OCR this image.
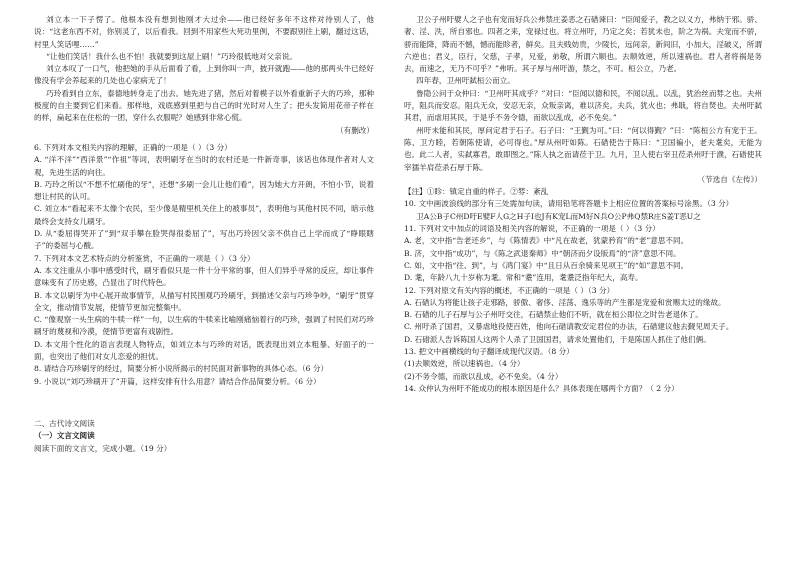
刘立本一下子愣了。他根本没有想到他刚才大过余——他已经好多年不这样对待别人了，他说：“这老东西不对，你别灵了，以后看我。回到不用家些大死功里例，不要跟别往上刷，翻过这话，村里人笑话哩……”

“让他们笑话！我什么也不怕！我就要到这屋上刷！”巧玲很低地对父亲说。

刘立本叹了一口气，他把她的手从后面看了看，上到你叫一声，披开就跑——他的那两头牛已经好像没有学会养起来的几处也心家病无了！

巧玲看到自立东，泰德地转身走了出去。她先进了猪，然后对着模子以外看重新子大的巧珍，那种极度的自主要到它们来看。那样地，戏底感到里把与自己的时光时对人生了；把头发简用花帝子样在的样，扁起来在住松的一团，穿什么衣服呢？她感到非常心慌。

（有删改）

6. 下列对本文相关内容的理解，正确的一项是（ ）（3 分）

A. “洋不洋”“西洋景”“作祖”等词，表明刷牙在当时的农村还是一件新奇事，该话也体现作者对人文观，先进生活的向往。

B. 巧玲之所以“不想不忙刷他的牙”，还想“多刷一会儿让他们看”，因为她大方开朗，不怕小节，说着想让村民的认可。

C. 刘立本“看起来不太像个农民，至少像是精里机关住上的被事员”，表明他与其他村民不同，暗示他最终会支持女儿刷牙。

D. 从“委屈得哭开了”到“双手攀在脸哭得很委屈了”，写出巧玲因父亲不供自己上学而成了“睁眼瞎子”的委屈与心酸。

7. 下列对本文艺术特点的分析鉴赏，不正确的一项是（ ）（3 分）

A. 本文注重从小事中感受时代，刷牙看似只是一件十分平常的事，但人们异乎寻常的反应，却让事件意味变有了历史感，凸显出了时代特色。

B. 本文以刷牙为中心展开故事情节，从描写村民围观巧玲刷牙，到描述父亲与巧珍争吵，“刷牙”贯穿全文，推动情节发展，使情节更加完整集中。

C. “像观察一头生病的牛犊一样”一句，以生病的牛犊来比喻刚痛恼着行的巧珍，强调了村民们对巧珍刷牙的蔑视和冷漠，使情节更富有戏剧性。

D. 本文用个性化的语言表现人物特点，如刘立本与巧珍的对话，既表现出刘立本粗暴、好面子的一面，也突出了他们对女儿恋爱的担忧。

8. 请结合巧珍刷牙的经过，简要分析小说所揭示的村民面对新事物的具体心态。（6 分）

9. 小说以“刘巧珍刷开了”开篇，这样安排有什么用意？请结合作品简要分析。（6 分）

二、古代诗文阅读

（一）文言文阅读

阅读下面的文言文，完成小题。（19 分）

卫公子州吁嬖人之子也有宠而好兵公弗禁庄姜恶之石碏谏曰：“臣闻爱子，教之以义方，弗纳于邪。骄、奢、淫、泆，所自邪也。四者之来，宠禄过也。将立州吁，乃定之矣；若犹未也，阶之为祸。夫宠而不骄，骄而能降，降而不憾，憾而能眕者，鲜矣。且夫贱妨贵，少陵长，远间亲，新间旧，小加大，淫破义，所谓六逆也；君义，臣行，父慈，子孝，兄爱，弟敬，所谓六顺也。去顺效逆，所以速祸也。君人者将祸是务去，而速之，无乃不可乎？”弗听。其子厚与州吁游，禁之，不可。桓公立，乃老。

四年春，卫州吁弑桓公而立。

鲁隐公问于众仲曰：“卫州吁其成乎？”对曰：“臣闻以德和民，不闻以乱。以乱，犹治丝而棼之也。夫州吁，阻兵而安忍。阻兵无众，安忍无亲，众叛亲离，难以济矣。夫兵，犹火也；弗戢，将自焚也。夫州吁弑其君，而虐用其民，于是乎不务令德，而欲以乱成，必不免矣。”

州吁未能和其民，厚问定君于石子。石子曰：“王觐为可。”曰：“何以得觐？”曰：“陈桓公方有宠于王。陈、卫方睦，若朝陈使请，必可得也。”厚从州吁如陈。石碏使告于陈曰：“卫国褊小，老夫耄矣，无能为也。此二人者，实弑寡君，敢即图之。”陈人执之而请莅于卫。九月，卫人使右宰丑莅杀州吁于濮，石碏使其宰獳羊肩莅杀石厚于陈。

（节选自《左传》）

【注】①眕：镇定自重的样子。②棼：紊乱

10. 文中画波浪线的部分有三处需加句读，请用铅笔将答题卡上相应位置的答案标号涂黑。（3 分）

卫A公B子C州D吁E嬖F人G之H子I也J有K宠L而M好N兵O公P弗Q禁R庄S姜T恶U之

11. 下列对文中加点的词语及相关内容的解说，不正确的一项是（ ）（3 分）

A. 老，文中指“告老还乡”，与《陈情表》中“凡在故老，犹蒙矜育”的“老”意思不同。

B. 济，文中指“成功”，与《陈之武退秦师》中“朝济而夕设版焉”的“济”意思不同。

C. 如，文中指“往、到”，与《鸿门宴》中“且日从百余骑来见项王”的“如”意思不同。

D. 耄，年龄八九十岁称为耄。常和“耋”连用，耄耋泛指年纪大，高寿。

12. 下列对原文有关内容的概述，不正确的一项是（ ）（3 分）

A. 石碏认为将能让孩子走邪路，骄傲、奢侈、淫荡、逸乐等的产生都是宠爱和赏赐太过的缘故。

B. 石碏的儿子石厚与公子州吁交往，石碏禁止他们不听，就在桓公即位之时告老退休了。

C. 州吁杀了国君，又暴虐地役使百姓，他向石碏请教安定君位的办法，石碏建议他去觐见周天子。

D. 石碏派人告诉陈国人这两个人杀了卫国国君，请求处置他们，于是陈国人抓住了他们俩。

13. 把文中画横线的句子翻译成现代汉语。（8 分）

(1)去顺效逆，所以速祸也。（4 分）

(2)不务令德，而欲以乱成，必不免矣。（4 分）

14. 众仲认为州吁不能成功的根本原因是什么？具体表现在哪两个方面？（ 2 分）
